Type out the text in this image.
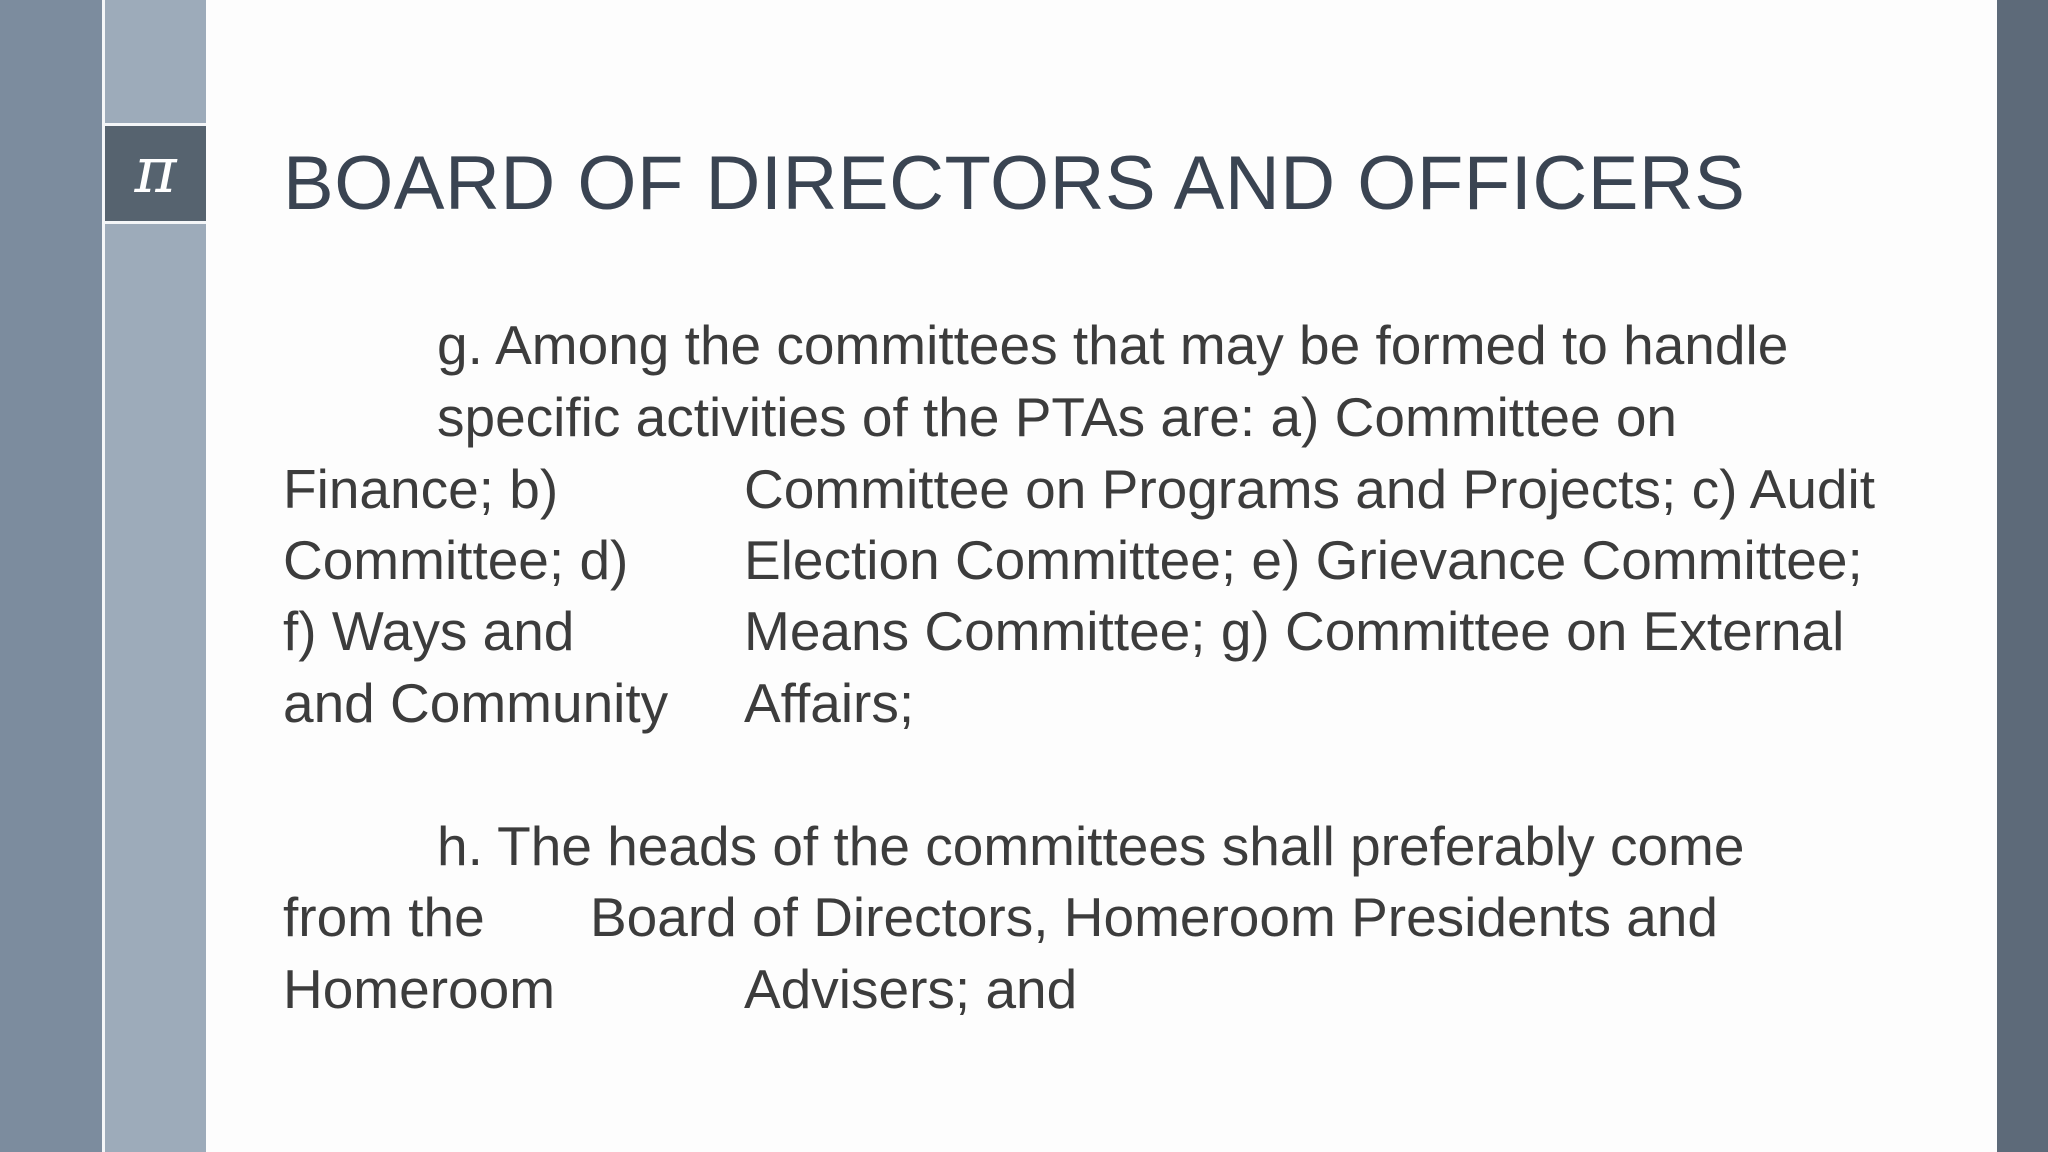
π BOARD OF DIRECTORS AND OFFICERS
g. Among the committees that may be formed to handle
specific activities of the PTAs are: a) Committee on
Finance; b)	Committee on Programs and Projects; c) Audit
Committee; d) Election Committee; e) Grievance Committee;
f) Ways and	Means Committee; g) Committee on External
and Community Affairs;
h. The heads of the committees shall preferably come
from the Board of Directors, Homeroom Presidents and
Homeroom	Advisers; and
